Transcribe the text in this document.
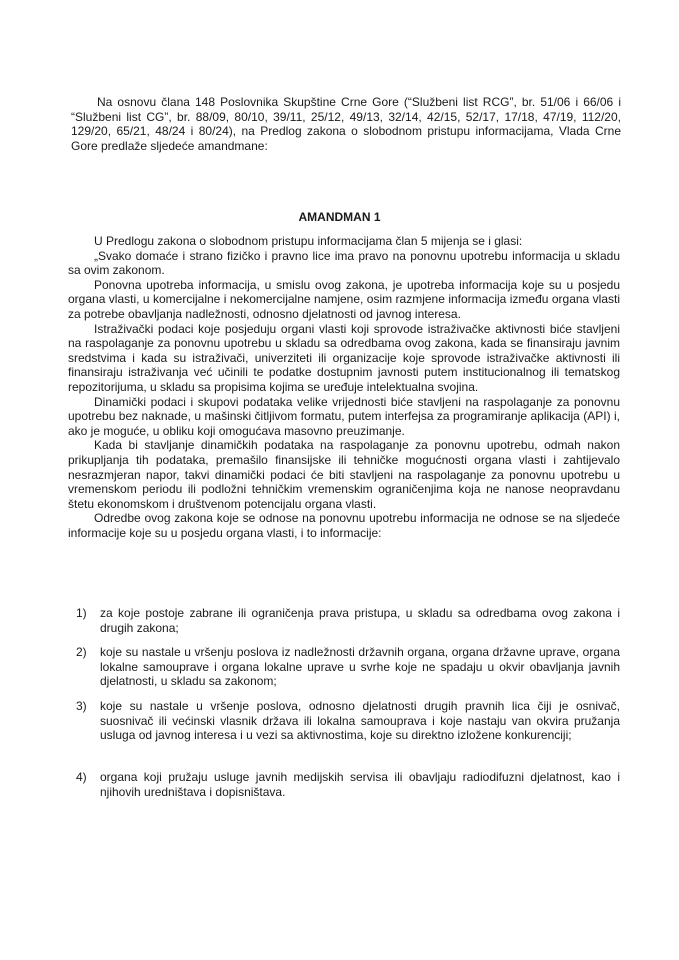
Na osnovu člana 148 Poslovnika Skupštine Crne Gore (“Službeni list RCG”, br. 51/06 i 66/06 i “Službeni list CG”, br. 88/09, 80/10, 39/11, 25/12, 49/13, 32/14, 42/15, 52/17, 17/18, 47/19, 112/20, 129/20, 65/21, 48/24 i 80/24), na Predlog zakona o slobodnom pristupu informacijama, Vlada Crne Gore predlaže sljedeće amandmane:

AMANDMAN 1

U Predlogu zakona o slobodnom pristupu informacijama član 5 mijenja se i glasi:

„Svako domaće i strano fizičko i pravno lice ima pravo na ponovnu upotrebu informacija u skladu sa ovim zakonom.

Ponovna upotreba informacija, u smislu ovog zakona, je upotreba informacija koje su u posjedu organa vlasti, u komercijalne i nekomercijalne namjene, osim razmjene informacija između organa vlasti za potrebe obavljanja nadležnosti, odnosno djelatnosti od javnog interesa.

Istraživački podaci koje posjeduju organi vlasti koji sprovode istraživačke aktivnosti biće stavljeni na raspolaganje za ponovnu upotrebu u skladu sa odredbama ovog zakona, kada se finansiraju javnim sredstvima i kada su istraživači, univerziteti ili organizacije koje sprovode istraživačke aktivnosti ili finansiraju istraživanja već učinili te podatke dostupnim javnosti putem institucionalnog ili tematskog repozitorijuma, u skladu sa propisima kojima se uređuje intelektualna svojina.

Dinamički podaci i skupovi podataka velike vrijednosti biće stavljeni na raspolaganje za ponovnu upotrebu bez naknade, u mašinski čitljivom formatu, putem interfejsa za programiranje aplikacija (API) i, ako je moguće, u obliku koji omogućava masovno preuzimanje.

Kada bi stavljanje dinamičkih podataka na raspolaganje za ponovnu upotrebu, odmah nakon prikupljanja tih podataka, premašilo finansijske ili tehničke mogućnosti organa vlasti i zahtijevalo nesrazmjeran napor, takvi dinamički podaci će biti stavljeni na raspolaganje za ponovnu upotrebu u vremenskom periodu ili podložni tehničkim vremenskim ograničenjima koja ne nanose neopravdanu štetu ekonomskom i društvenom potencijalu organa vlasti.

Odredbe ovog zakona koje se odnose na ponovnu upotrebu informacija ne odnose se na sljedeće informacije koje su u posjedu organa vlasti, i to informacije:

1) za koje postoje zabrane ili ograničenja prava pristupa, u skladu sa odredbama ovog zakona i drugih zakona;
2) koje su nastale u vršenju poslova iz nadležnosti državnih organa, organa državne uprave, organa lokalne samouprave i organa lokalne uprave u svrhe koje ne spadaju u okvir obavljanja javnih djelatnosti, u skladu sa zakonom;
3) koje su nastale u vršenje poslova, odnosno djelatnosti drugih pravnih lica čiji je osnivač, suosnivač ili većinski vlasnik država ili lokalna samouprava i koje nastaju van okvira pružanja usluga od javnog interesa i u vezi sa aktivnostima, koje su direktno izložene konkurenciji;
4) organa koji pružaju usluge javnih medijskih servisa ili obavljaju radiodifuzni djelatnost, kao i njihovih uredništava i dopisništava.
